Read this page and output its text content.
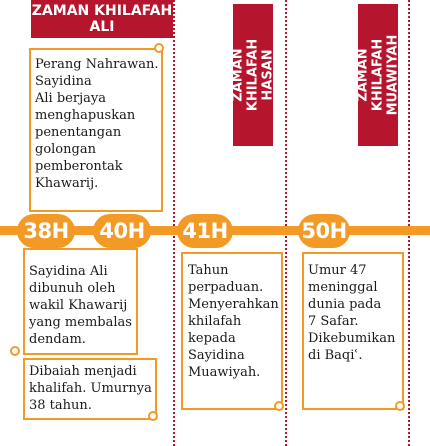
ZAMAN KHILAFAH
ALI
ZAMAN KHILAFAH
HASAN	ZAMAN KHILAFAH
MUAWIYAH
Perang Nahrawan.
Sayidina
Ali berjaya
menghapuskan
penentangan
golongan
pemberontak
Khawarij.
Sayidina Ali
dibunuh oleh
wakil Khawarij
yang membalas
dendam.
Dibaiah menjadi
khalifah. Umurnya
38 tahun.
Tahun
perpaduan.
Menyerahkan
khilafah
kepada
Sayidina
Muawiyah.
Umur 47
meninggal
dunia pada
7 Safar.
Dikebumikan
di Baqiʿ.
38H	40H	41H	50H
